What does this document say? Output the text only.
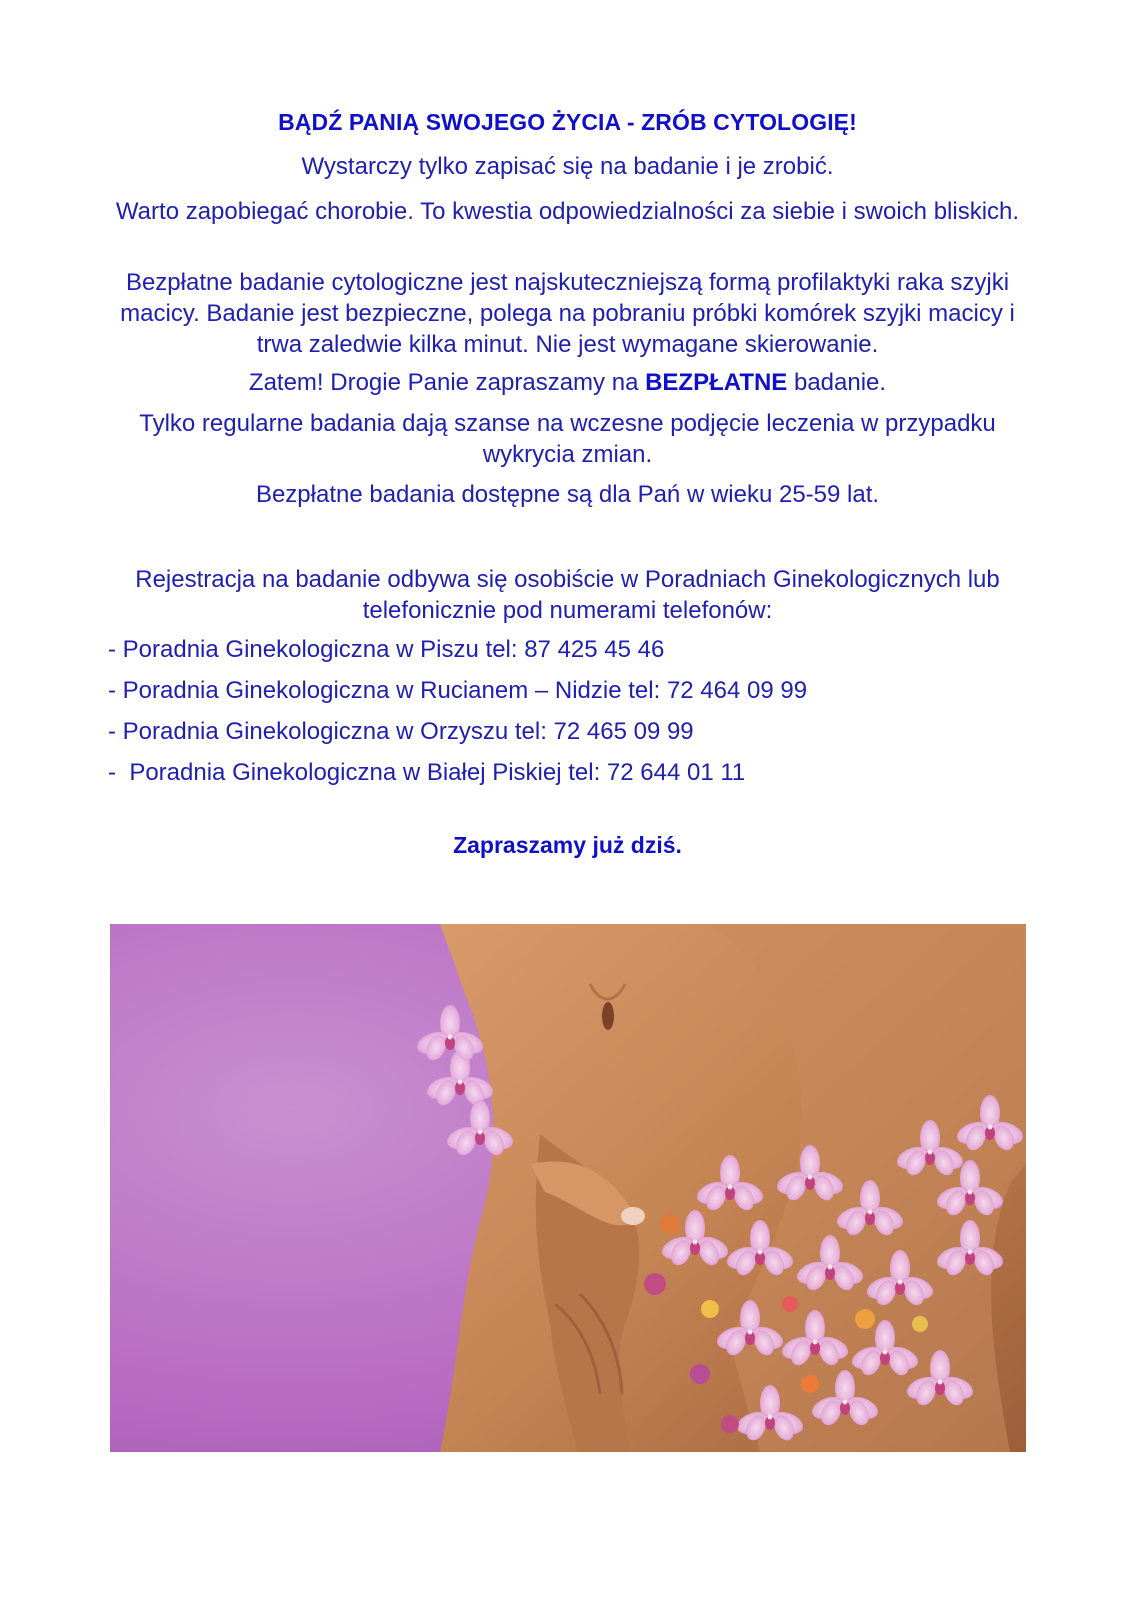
BĄDŹ PANIĄ SWOJEGO ŻYCIA - ZRÓB CYTOLOGIĘ!
Wystarczy tylko zapisać się na badanie i je zrobić.
Warto zapobiegać chorobie. To kwestia odpowiedzialności za siebie i swoich bliskich.
Bezpłatne badanie cytologiczne jest najskuteczniejszą formą profilaktyki raka szyjki macicy. Badanie jest bezpieczne, polega na pobraniu próbki komórek szyjki macicy i trwa zaledwie kilka minut. Nie jest wymagane skierowanie.
Zatem! Drogie Panie zapraszamy na BEZPŁATNE badanie.
Tylko regularne badania dają szanse na wczesne podjęcie leczenia w przypadku wykrycia zmian.
Bezpłatne badania dostępne są dla Pań w wieku 25-59 lat.
Rejestracja na badanie odbywa się osobiście w Poradniach Ginekologicznych lub telefonicznie pod numerami telefonów:
- Poradnia Ginekologiczna w Piszu tel: 87 425 45 46
- Poradnia Ginekologiczna w Rucianem – Nidzie tel: 72 464 09 99
- Poradnia Ginekologiczna w Orzyszu tel: 72 465 09 99
-  Poradnia Ginekologiczna w Białej Piskiej tel: 72 644 01 11
Zapraszamy już dziś.
